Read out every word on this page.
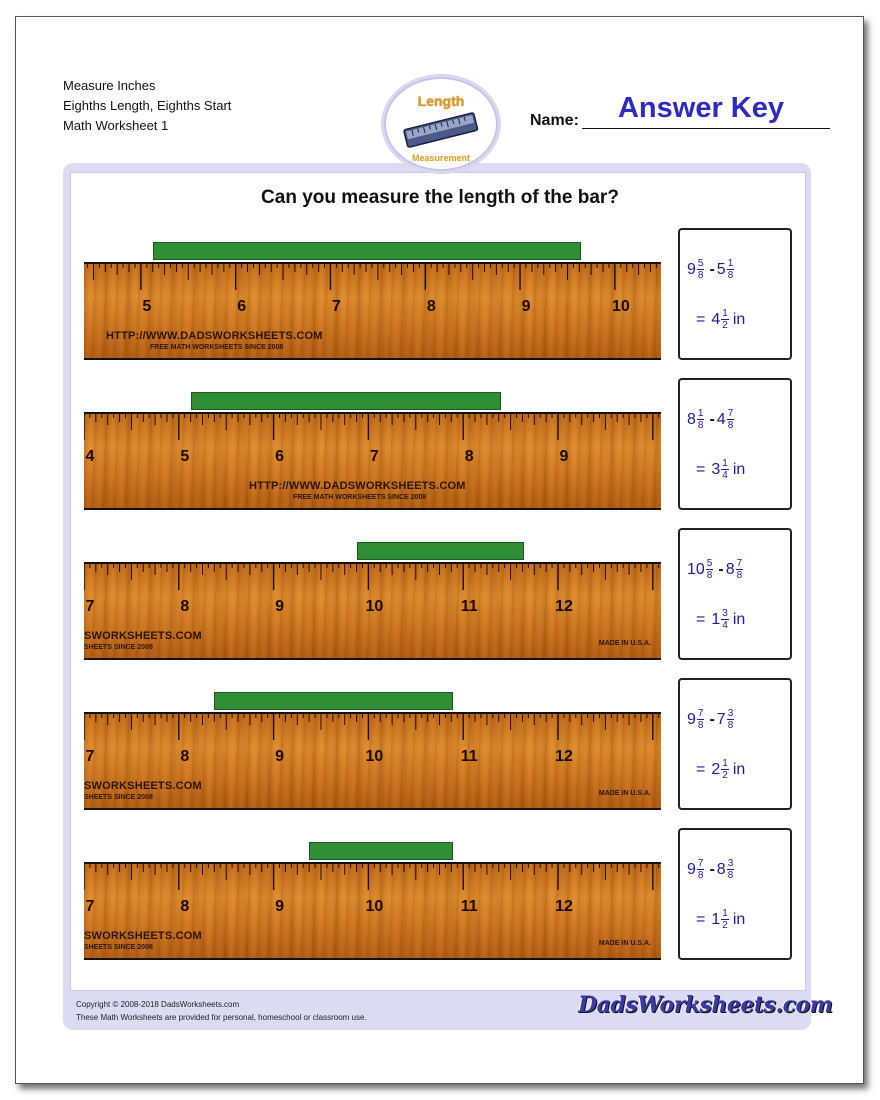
Measure Inches
Eighths Length, Eighths Start
Math Worksheet 1
Length
Measurement
Name:	Answer Key
Can you measure the length of the bar?
5	6	7	8	9	10
HTTP://WWW.DADSWORKSHEETS.COM
FREE MATH WORKSHEETS SINCE 2008
$9 \frac{5}{8} - 5 \frac{1}{8}$
= $4 \frac{1}{2}$ in
4	5	6	7	8	9
HTTP://WWW.DADSWORKSHEETS.COM
FREE MATH WORKSHEETS SINCE 2008
$8 \frac{1}{8} - 4 \frac{7}{8}$
= $3 \frac{1}{4}$ in
7	8	9	10	11	12
MADE IN U.S.A.
SWORKSHEETS.COM
SHEETS SINCE 2008
$10 \frac{5}{8} - 8 \frac{7}{8}$
= $1 \frac{3}{4}$ in
7	8	9	10	11	12
MADE IN U.S.A.
SWORKSHEETS.COM
SHEETS SINCE 2008
$9 \frac{7}{8} - 7 \frac{3}{8}$
= $2 \frac{1}{2}$ in
7	8	9	10	11	12
MADE IN U.S.A.
SWORKSHEETS.COM
SHEETS SINCE 2008
$9 \frac{7}{8} - 8 \frac{3}{8}$
= $1 \frac{1}{2}$ in
Copyright © 2008-2018 DadsWorksheets.com
These Math Worksheets are provided for personal, homeschool or classroom use.	DadsWorksheets.com
